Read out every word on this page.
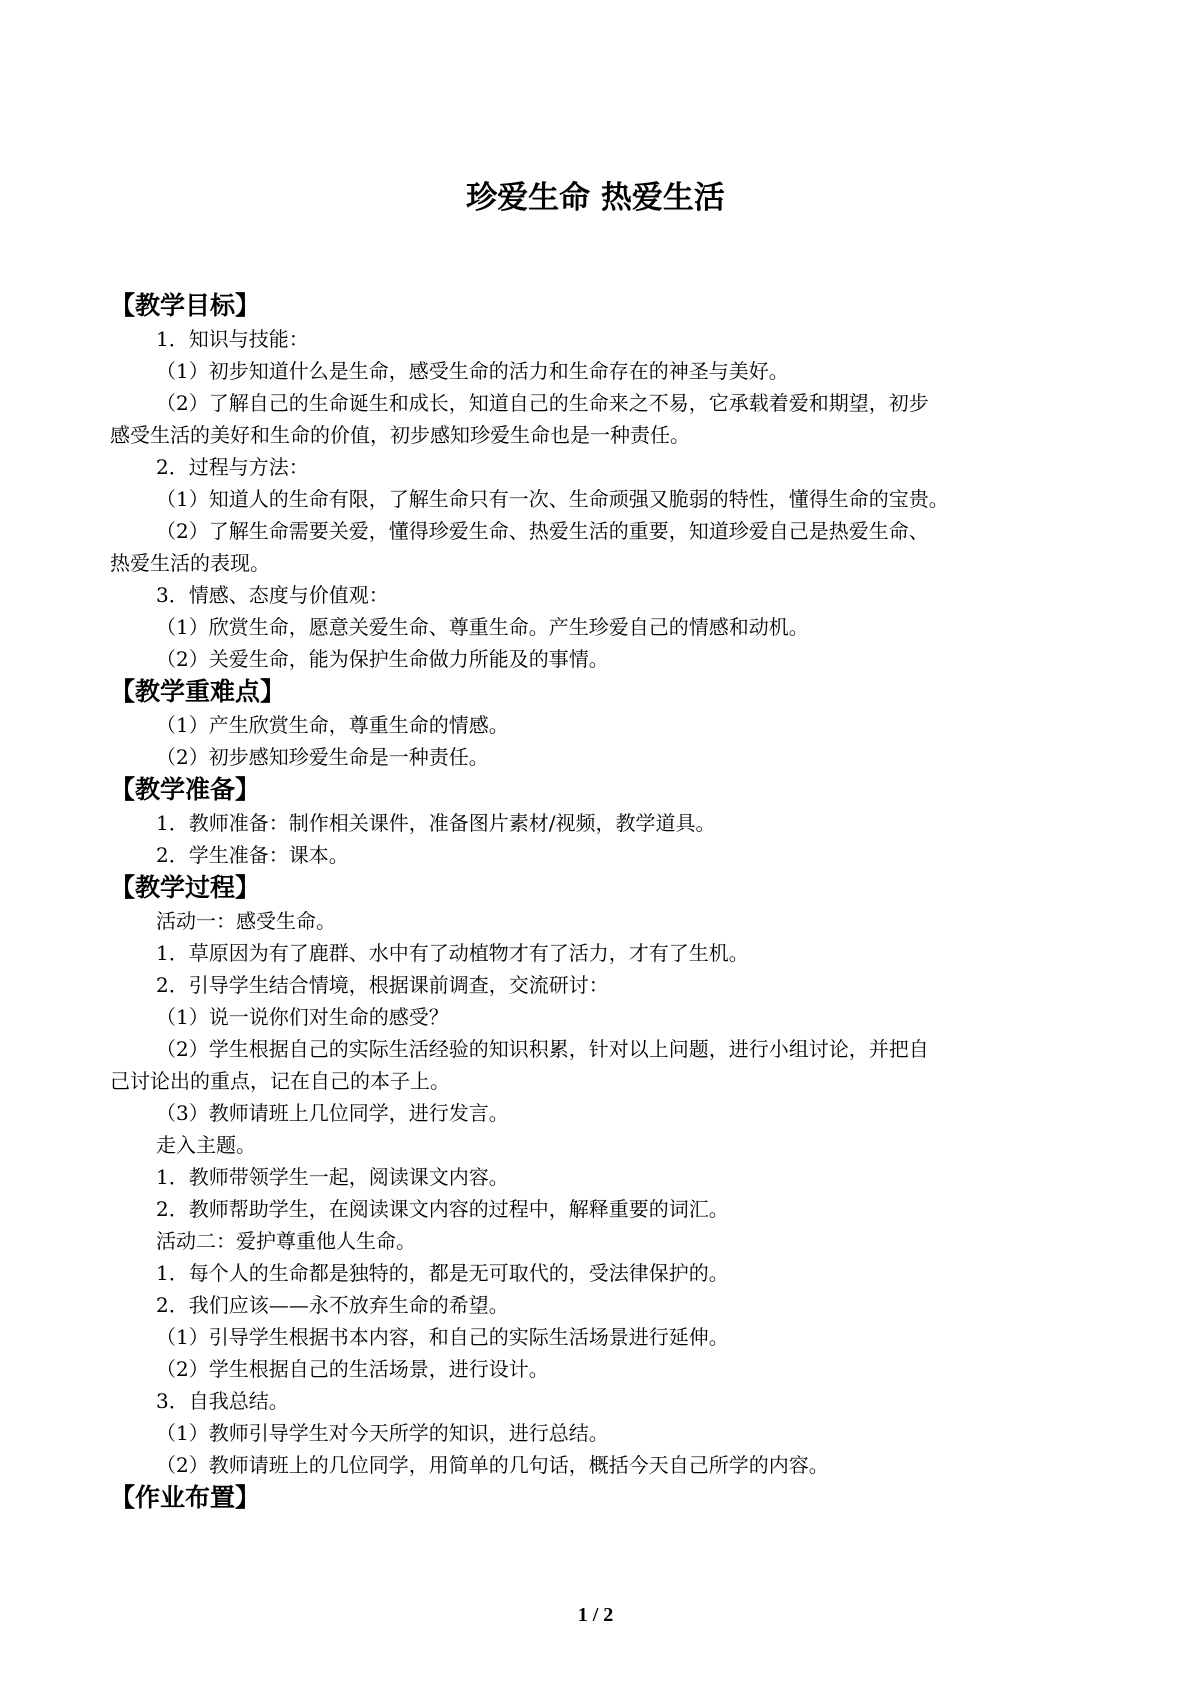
珍爱生命 热爱生活
【教学目标】
1．知识与技能：
（1）初步知道什么是生命，感受生命的活力和生命存在的神圣与美好。
（2）了解自己的生命诞生和成长，知道自己的生命来之不易，它承载着爱和期望，初步
感受生活的美好和生命的价值，初步感知珍爱生命也是一种责任。
2．过程与方法：
（1）知道人的生命有限，了解生命只有一次、生命顽强又脆弱的特性，懂得生命的宝贵。
（2）了解生命需要关爱，懂得珍爱生命、热爱生活的重要，知道珍爱自己是热爱生命、
热爱生活的表现。
3．情感、态度与价值观：
（1）欣赏生命，愿意关爱生命、尊重生命。产生珍爱自己的情感和动机。
（2）关爱生命，能为保护生命做力所能及的事情。
【教学重难点】
（1）产生欣赏生命，尊重生命的情感。
（2）初步感知珍爱生命是一种责任。
【教学准备】
1．教师准备：制作相关课件，准备图片素材/视频，教学道具。
2．学生准备：课本。
【教学过程】
活动一：感受生命。
1．草原因为有了鹿群、水中有了动植物才有了活力，才有了生机。
2．引导学生结合情境，根据课前调查，交流研讨：
（1）说一说你们对生命的感受？
（2）学生根据自己的实际生活经验的知识积累，针对以上问题，进行小组讨论，并把自
己讨论出的重点，记在自己的本子上。
（3）教师请班上几位同学，进行发言。
走入主题。
1．教师带领学生一起，阅读课文内容。
2．教师帮助学生，在阅读课文内容的过程中，解释重要的词汇。
活动二：爱护尊重他人生命。
1．每个人的生命都是独特的，都是无可取代的，受法律保护的。
2．我们应该——永不放弃生命的希望。
（1）引导学生根据书本内容，和自己的实际生活场景进行延伸。
（2）学生根据自己的生活场景，进行设计。
3．自我总结。
（1）教师引导学生对今天所学的知识，进行总结。
（2）教师请班上的几位同学，用简单的几句话，概括今天自己所学的内容。
【作业布置】
1 / 2
